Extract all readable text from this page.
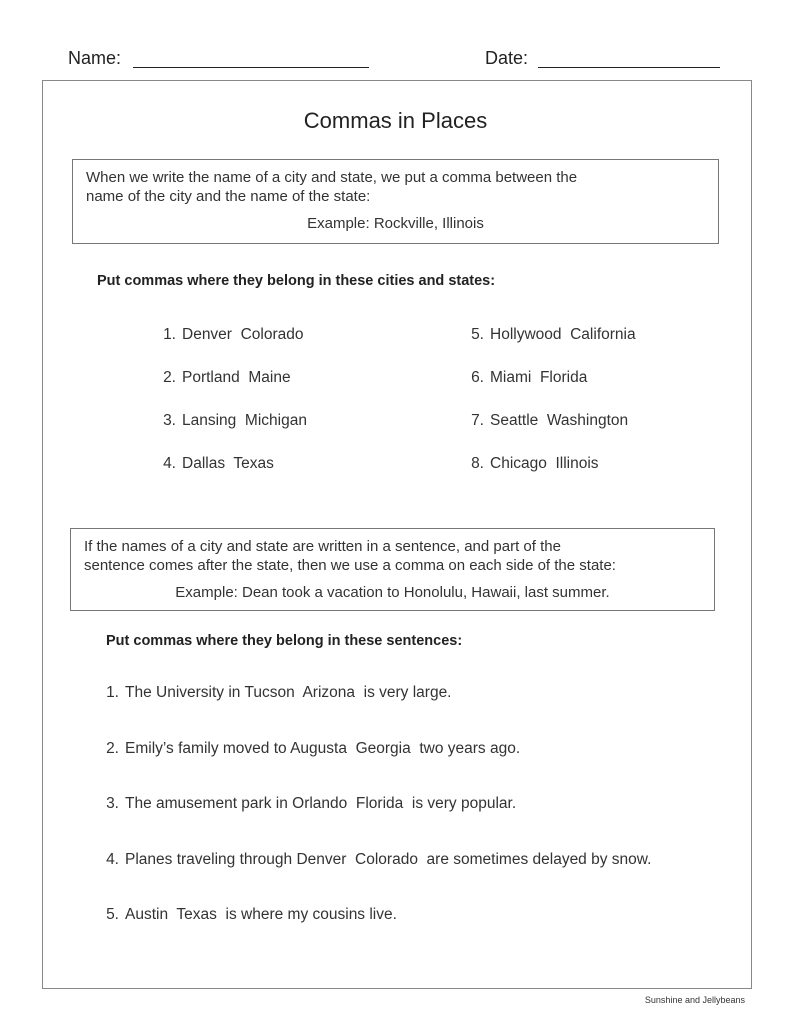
Name:	Date:
Commas in Places
When we write the name of a city and state, we put a comma between the
name of the city and the name of the state:
Example: Rockville, Illinois
Put commas where they belong in these cities and states:
1. Denver  Colorado
2. Portland  Maine
3. Lansing  Michigan
4. Dallas  Texas
5. Hollywood  California
6. Miami  Florida
7. Seattle  Washington
8. Chicago  Illinois
If the names of a city and state are written in a sentence, and part of the
sentence comes after the state, then we use a comma on each side of the state:
Example: Dean took a vacation to Honolulu, Hawaii, last summer.
Put commas where they belong in these sentences:
1. The University in Tucson  Arizona  is very large.
2. Emily’s family moved to Augusta  Georgia  two years ago.
3. The amusement park in Orlando  Florida  is very popular.
4. Planes traveling through Denver  Colorado  are sometimes delayed by snow.
5. Austin  Texas  is where my cousins live.
Sunshine and Jellybeans
